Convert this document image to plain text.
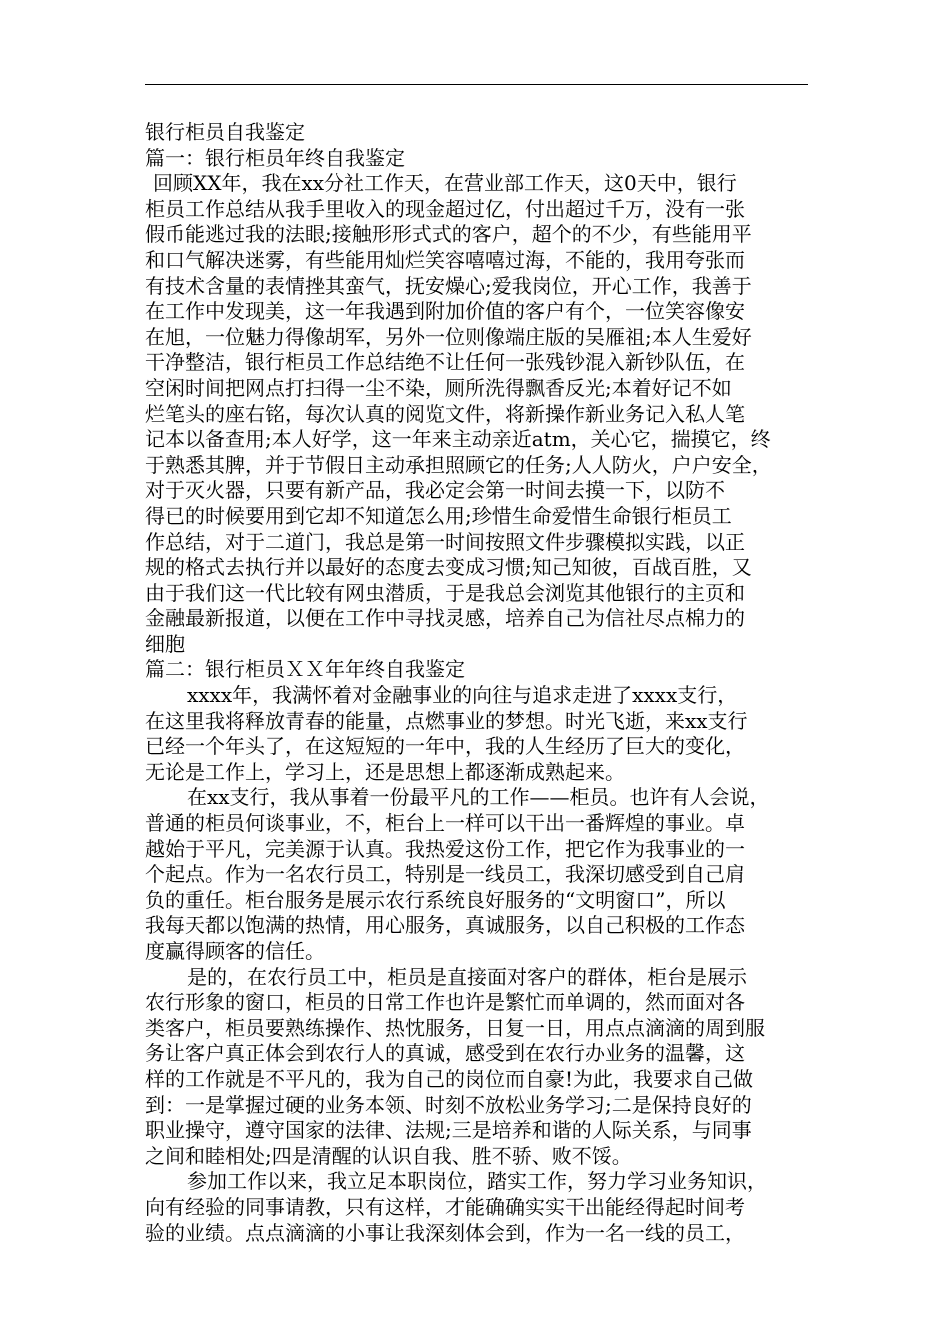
银行柜员自我鉴定
篇一：银行柜员年终自我鉴定
回顾XX年，我在xx分社工作天，在营业部工作天，这0天中，银行
柜员工作总结从我手里收入的现金超过亿，付出超过千万，没有一张
假币能逃过我的法眼;接触形形式式的客户，超个的不少，有些能用平
和口气解决迷雾，有些能用灿烂笑容嘻嘻过海，不能的，我用夸张而
有技术含量的表情挫其蛮气，抚安燥心;爱我岗位，开心工作，我善于
在工作中发现美，这一年我遇到附加价值的客户有个，一位笑容像安
在旭，一位魅力得像胡军，另外一位则像端庄版的吴雁祖;本人生爱好
干净整洁，银行柜员工作总结绝不让任何一张残钞混入新钞队伍，在
空闲时间把网点打扫得一尘不染，厕所洗得飘香反光;本着好记不如
烂笔头的座右铭，每次认真的阅览文件，将新操作新业务记入私人笔
记本以备查用;本人好学，这一年来主动亲近atm，关心它，揣摸它，终
于熟悉其脾，并于节假日主动承担照顾它的任务;人人防火，户户安全，
对于灭火器，只要有新产品，我必定会第一时间去摸一下，以防不
得已的时候要用到它却不知道怎么用;珍惜生命爱惜生命银行柜员工
作总结，对于二道门，我总是第一时间按照文件步骤模拟实践，以正
规的格式去执行并以最好的态度去变成习惯;知己知彼，百战百胜，又
由于我们这一代比较有网虫潜质，于是我总会浏览其他银行的主页和
金融最新报道，以便在工作中寻找灵感，培养自己为信社尽点棉力的
细胞
篇二：银行柜员ＸＸ年年终自我鉴定
xxxx年，我满怀着对金融事业的向往与追求走进了xxxx支行，
在这里我将释放青春的能量，点燃事业的梦想。时光飞逝，来xx支行
已经一个年头了，在这短短的一年中，我的人生经历了巨大的变化，
无论是工作上，学习上，还是思想上都逐渐成熟起来。
在xx支行，我从事着一份最平凡的工作——柜员。也许有人会说，
普通的柜员何谈事业，不，柜台上一样可以干出一番辉煌的事业。卓
越始于平凡，完美源于认真。我热爱这份工作，把它作为我事业的一
个起点。作为一名农行员工，特别是一线员工，我深切感受到自己肩
负的重任。柜台服务是展示农行系统良好服务的“文明窗口”，所以
我每天都以饱满的热情，用心服务，真诚服务，以自己积极的工作态
度赢得顾客的信任。
是的，在农行员工中，柜员是直接面对客户的群体，柜台是展示
农行形象的窗口，柜员的日常工作也许是繁忙而单调的，然而面对各
类客户，柜员要熟练操作、热忱服务，日复一日，用点点滴滴的周到服
务让客户真正体会到农行人的真诚，感受到在农行办业务的温馨，这
样的工作就是不平凡的，我为自己的岗位而自豪!为此，我要求自己做
到：一是掌握过硬的业务本领、时刻不放松业务学习;二是保持良好的
职业操守，遵守国家的法律、法规;三是培养和谐的人际关系，与同事
之间和睦相处;四是清醒的认识自我、胜不骄、败不馁。
参加工作以来，我立足本职岗位，踏实工作，努力学习业务知识，
向有经验的同事请教，只有这样，才能确确实实干出能经得起时间考
验的业绩。点点滴滴的小事让我深刻体会到，作为一名一线的员工，
